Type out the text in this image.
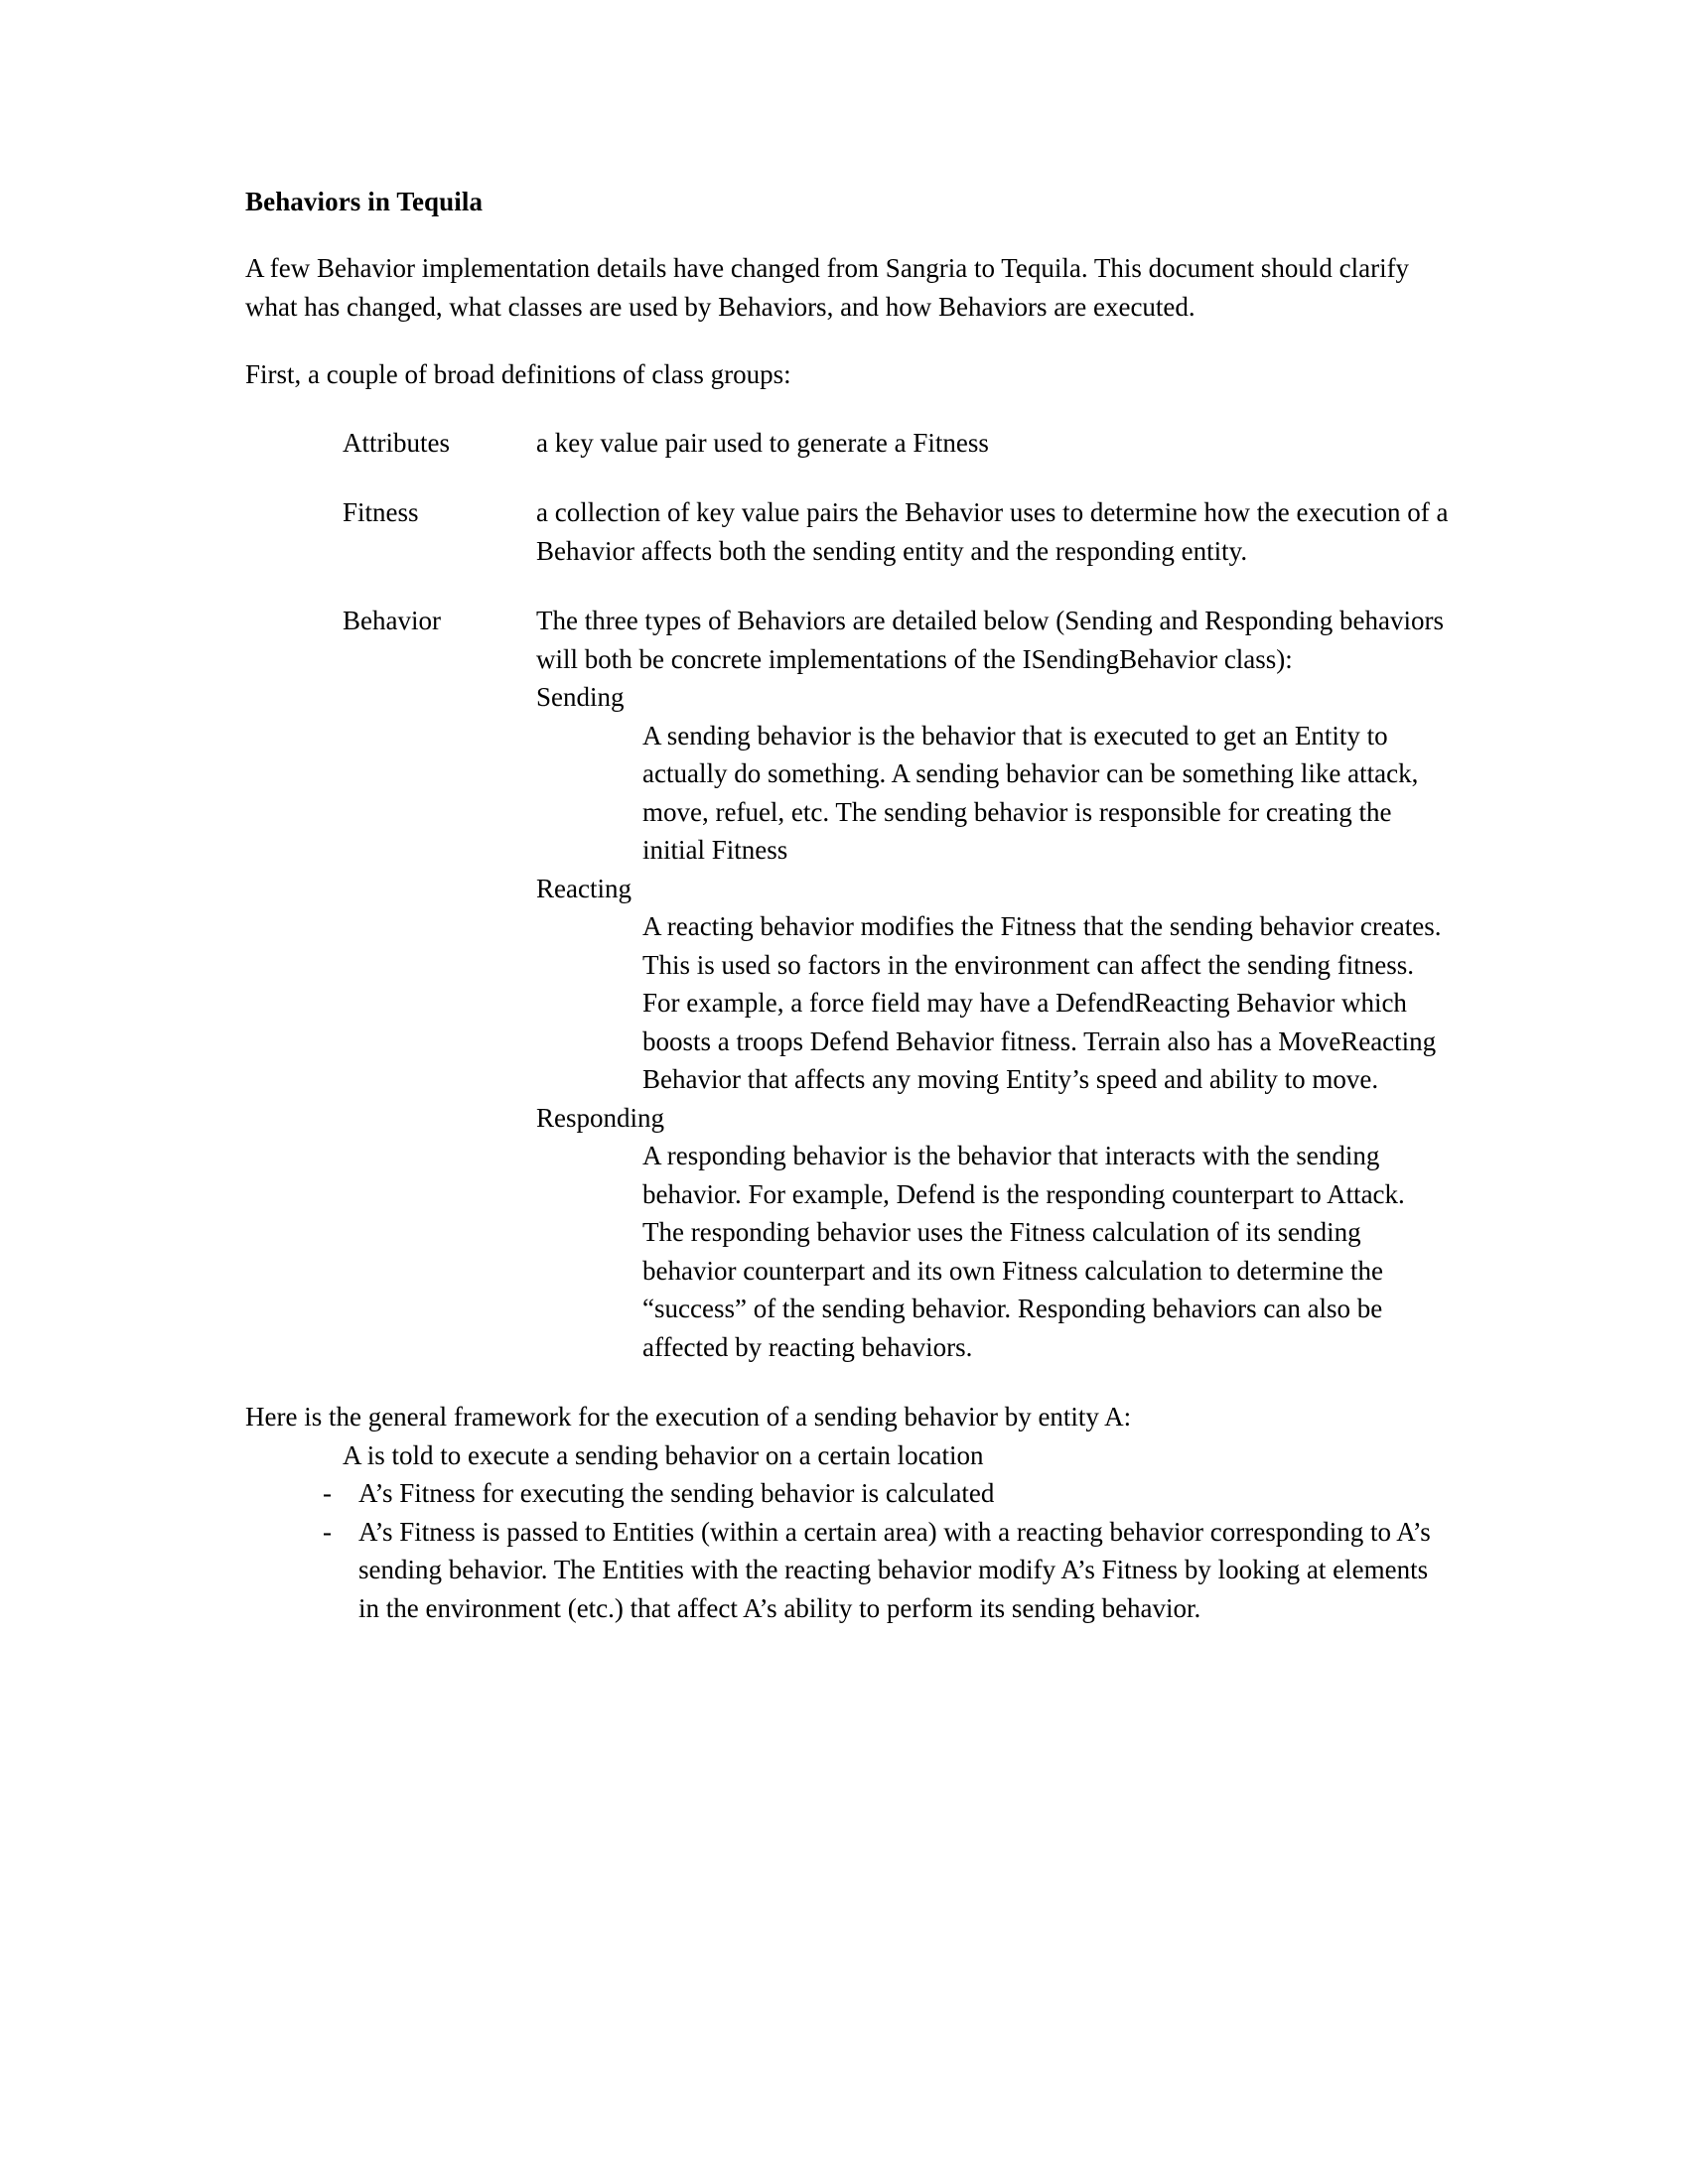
Behaviors in Tequila

A few Behavior implementation details have changed from Sangria to Tequila. This document should clarify what has changed, what classes are used by Behaviors, and how Behaviors are executed.

First, a couple of broad definitions of class groups:

Attributes	a key value pair used to generate a Fitness
Fitness	a collection of key value pairs the Behavior uses to determine how the execution of a Behavior affects both the sending entity and the responding entity.
Behavior	The three types of Behaviors are detailed below (Sending and Responding behaviors will both be concrete implementations of the ISendingBehavior class):
Sending
A sending behavior is the behavior that is executed to get an Entity to actually do something. A sending behavior can be something like attack, move, refuel, etc. The sending behavior is responsible for creating the initial Fitness
Reacting
A reacting behavior modifies the Fitness that the sending behavior creates. This is used so factors in the environment can affect the sending fitness. For example, a force field may have a DefendReacting Behavior which boosts a troops Defend Behavior fitness. Terrain also has a MoveReacting Behavior that affects any moving Entity’s speed and ability to move.
Responding
A responding behavior is the behavior that interacts with the sending behavior. For example, Defend is the responding counterpart to Attack. The responding behavior uses the Fitness calculation of its sending behavior counterpart and its own Fitness calculation to determine the “success” of the sending behavior. Responding behaviors can also be affected by reacting behaviors.

Here is the general framework for the execution of a sending behavior by entity A:

A is told to execute a sending behavior on a certain location

-	A’s Fitness for executing the sending behavior is calculated
-	A’s Fitness is passed to Entities (within a certain area) with a reacting behavior corresponding to A’s sending behavior. The Entities with the reacting behavior modify A’s Fitness by looking at elements in the environment (etc.) that affect A’s ability to perform its sending behavior.
